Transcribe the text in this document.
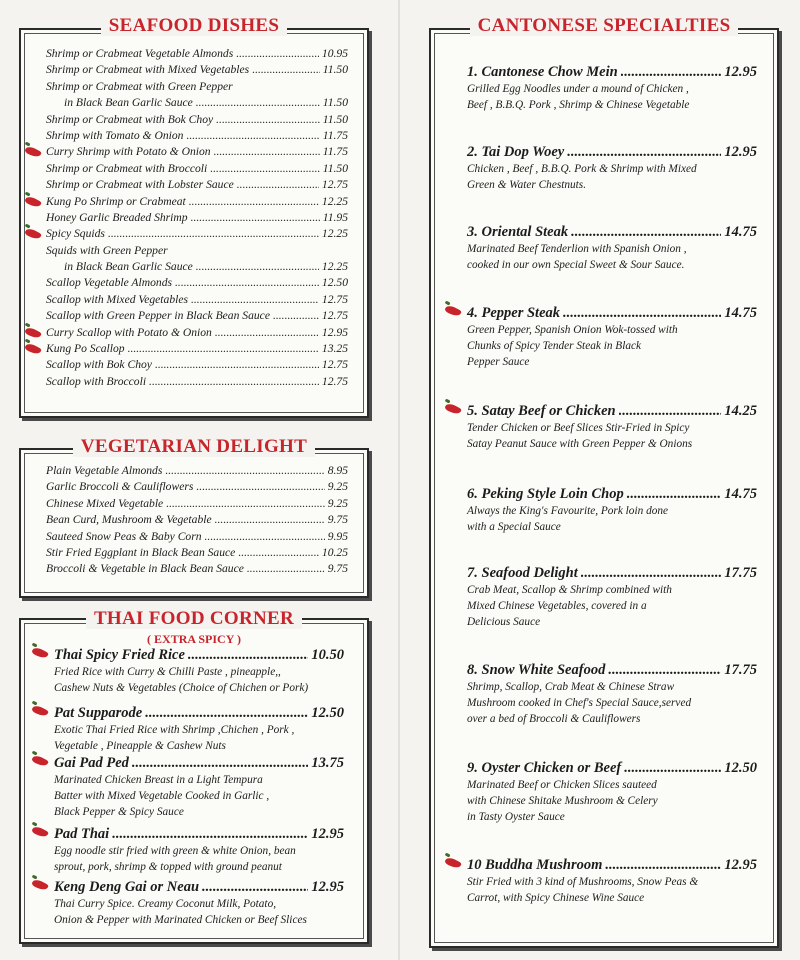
SEAFOOD DISHES
Shrimp or Crabmeat Vegetable Almonds .....	10.95
Shrimp or Crabmeat with Mixed Vegetables .....	11.50
Shrimp or Crabmeat with Green Pepper
in Black Bean Garlic Sauce .....	11.50
Shrimp or Crabmeat with Bok Choy .....	11.50
Shrimp with Tomato & Onion .....	11.75
Curry Shrimp with Potato & Onion .....	11.75
Shrimp or Crabmeat with Broccoli .....	11.50
Shrimp or Crabmeat with Lobster Sauce .....	12.75
Kung Po Shrimp or Crabmeat .....	12.25
Honey Garlic Breaded Shrimp .....	11.95
Spicy Squids .....	12.25
Squids with Green Pepper
in Black Bean Garlic Sauce .....	12.25
Scallop Vegetable Almonds .....	12.50
Scallop with Mixed Vegetables .....	12.75
Scallop with Green Pepper in Black Bean Sauce .....	12.75
Curry Scallop with Potato & Onion .....	12.95
Kung Po Scallop .....	13.25
Scallop with Bok Choy .....	12.75
Scallop with Broccoli .....	12.75
VEGETARIAN DELIGHT
Plain Vegetable Almonds .....	8.95
Garlic Broccoli & Cauliflowers .....	9.25
Chinese Mixed Vegetable .....	9.25
Bean Curd, Mushroom & Vegetable .....	9.75
Sauteed Snow Peas & Baby Corn .....	9.95
Stir Fried Eggplant in Black Bean Sauce .....	10.25
Broccoli & Vegetable in Black Bean Sauce .....	9.75
THAI FOOD CORNER
( EXTRA SPICY )
Thai Spicy Fried Rice .....	10.50
Fried Rice with Curry & Chilli Paste , pineapple,,
Cashew Nuts & Vegetables (Choice of Chichen or Pork)
Pat Supparode .....	12.50
Exotic Thai Fried Rice with Shrimp ,Chichen , Pork ,
Vegetable , Pineapple & Cashew Nuts
Gai Pad Ped .....	13.75
Marinated Chicken Breast in a Light Tempura
Batter with Mixed Vegetable Cooked in Garlic ,
Black Pepper & Spicy Sauce
Pad Thai .....	12.95
Egg noodle stir fried with green & white Onion, bean
sprout, pork, shrimp & topped with ground peanut
Keng Deng Gai or Neau .....	12.95
Thai Curry Spice. Creamy Coconut Milk, Potato,
Onion & Pepper with Marinated Chicken or Beef Slices
CANTONESE SPECIALTIES
1. Cantonese Chow Mein .....	12.95
Grilled Egg Noodles under a mound of Chicken ,
Beef , B.B.Q. Pork , Shrimp & Chinese Vegetable
2. Tai Dop Woey .....	12.95
Chicken , Beef , B.B.Q. Pork & Shrimp with Mixed
Green & Water Chestnuts.
3. Oriental Steak .....	14.75
Marinated Beef Tenderlion with Spanish Onion ,
cooked in our own Special Sweet & Sour Sauce.
4. Pepper Steak .....	14.75
Green Pepper, Spanish Onion Wok-tossed with
Chunks of Spicy Tender Steak in Black
Pepper Sauce
5. Satay Beef or Chicken .....	14.25
Tender Chicken or Beef Slices Stir-Fried in Spicy
Satay Peanut Sauce with Green Pepper & Onions
6. Peking Style Loin Chop .....	14.75
Always the King's Favourite, Pork loin done
with a Special Sauce
7. Seafood Delight .....	17.75
Crab Meat, Scallop & Shrimp combined with
Mixed Chinese Vegetables, covered in a
Delicious Sauce
8. Snow White Seafood .....	17.75
Shrimp, Scallop, Crab Meat & Chinese Straw
Mushroom cooked in Chef's Special Sauce,served
over a bed of Broccoli & Cauliflowers
9. Oyster Chicken or Beef .....	12.50
Marinated Beef or Chicken Slices sauteed
with Chinese Shitake Mushroom & Celery
in Tasty Oyster Sauce
10 Buddha Mushroom .....	12.95
Stir Fried with 3 kind of Mushrooms, Snow Peas &
Carrot, with Spicy Chinese Wine Sauce
